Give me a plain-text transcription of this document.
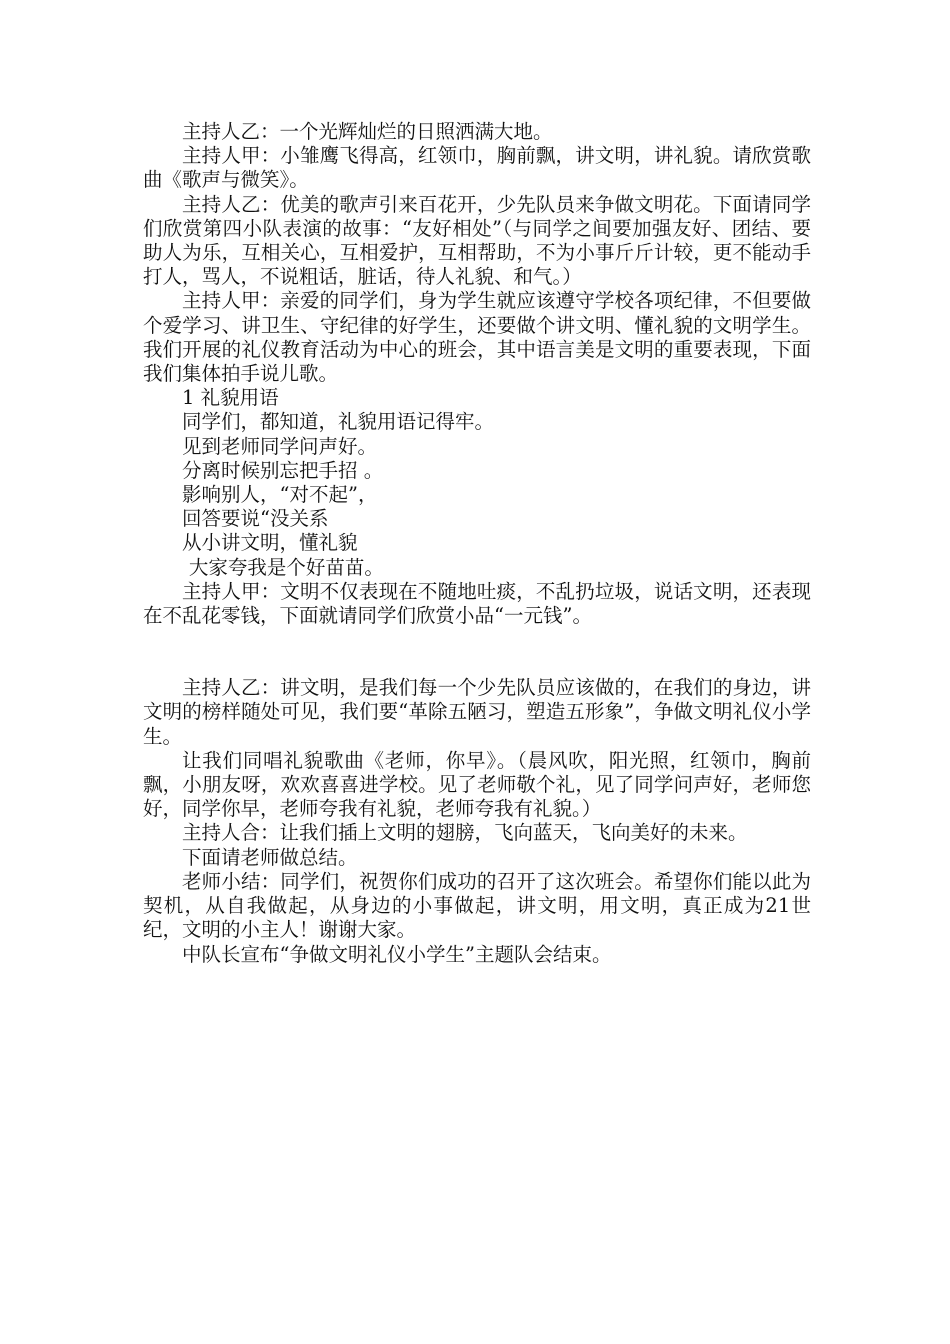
主持人乙：一个光辉灿烂的日照洒满大地。

主持人甲：小雏鹰飞得高，红领巾，胸前飘，讲文明，讲礼貌。请欣赏歌曲《歌声与微笑》。

主持人乙：优美的歌声引来百花开，少先队员来争做文明花。下面请同学们欣赏第四小队表演的故事：“友好相处”（与同学之间要加强友好、团结、要助人为乐，互相关心，互相爱护，互相帮助，不为小事斤斤计较，更不能动手打人，骂人，不说粗话，脏话，待人礼貌、和气。）

主持人甲：亲爱的同学们，身为学生就应该遵守学校各项纪律，不但要做个爱学习、讲卫生、守纪律的好学生，还要做个讲文明、懂礼貌的文明学生。我们开展的礼仪教育活动为中心的班会，其中语言美是文明的重要表现，下面我们集体拍手说儿歌。

1 礼貌用语

同学们，都知道，礼貌用语记得牢。

见到老师同学问声好。

分离时候别忘把手招 。

影响别人，“对不起”，

回答要说“没关系

从小讲文明，懂礼貌

大家夸我是个好苗苗。

主持人甲：文明不仅表现在不随地吐痰，不乱扔垃圾，说话文明，还表现在不乱花零钱，下面就请同学们欣赏小品“一元钱”。

主持人乙：讲文明，是我们每一个少先队员应该做的，在我们的身边，讲文明的榜样随处可见，我们要“革除五陋习，塑造五形象”，争做文明礼仪小学生。

让我们同唱礼貌歌曲《老师，你早》。（晨风吹，阳光照，红领巾，胸前飘，小朋友呀，欢欢喜喜进学校。见了老师敬个礼，见了同学问声好，老师您好，同学你早，老师夸我有礼貌，老师夸我有礼貌。）

主持人合：让我们插上文明的翅膀，飞向蓝天，飞向美好的未来。

下面请老师做总结。

老师小结：同学们，祝贺你们成功的召开了这次班会。希望你们能以此为契机，从自我做起，从身边的小事做起，讲文明，用文明，真正成为21世纪，文明的小主人！谢谢大家。

中队长宣布“争做文明礼仪小学生”主题队会结束。
